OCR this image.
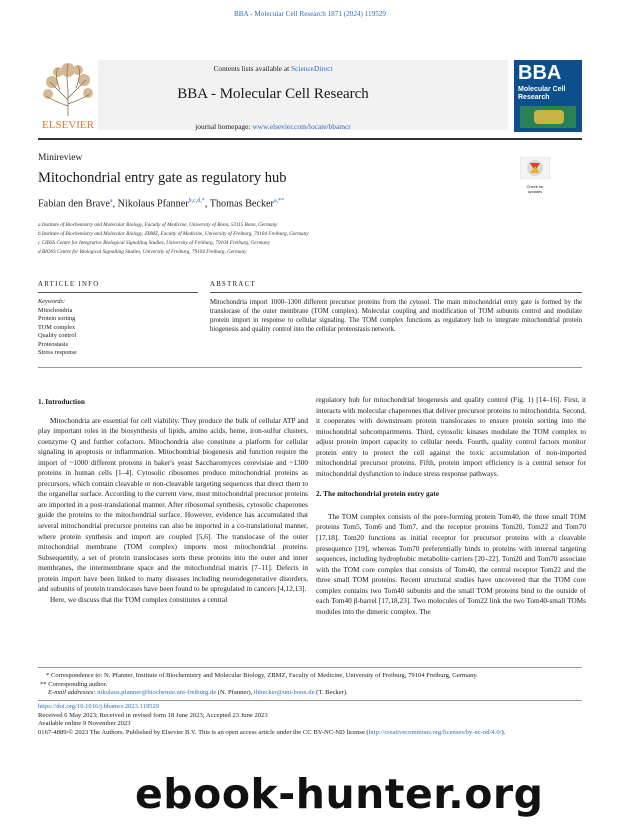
BBA - Molecular Cell Research 1871 (2024) 119529
ELSEVIER
Contents lists available at ScienceDirect
BBA - Molecular Cell Research
journal homepage: www.elsevier.com/locate/bbamcr
BBA
Molecular Cell Research
Minireview
Mitochondrial entry gate as regulatory hub
Check for updates
Fabian den Brave$^a$, Nikolaus Pfanner$^{b,c,d,*}$, Thomas Becker$^{a,**}$
a Institute of Biochemistry and Molecular Biology, Faculty of Medicine, University of Bonn, 53115 Bonn, Germany
b Institute of Biochemistry and Molecular Biology, ZBMZ, Faculty of Medicine, University of Freiburg, 79104 Freiburg, Germany
c CIBSS Centre for Integrative Biological Signalling Studies, University of Freiburg, 79104 Freiburg, Germany
d BIOSS Centre for Biological Signalling Studies, University of Freiburg, 79104 Freiburg, Germany
ARTICLE INFO	ABSTRACT
Keywords:
Mitochondria
Protein sorting
TOM complex
Quality control
Proteostasis
Stress response
Mitochondria import 1000–1300 different precursor proteins from the cytosol. The main mitochondrial entry gate is formed by the translocase of the outer membrane (TOM complex). Molecular coupling and modification of TOM subunits control and modulate protein import in response to cellular signaling. The TOM complex functions as regulatory hub to integrate mitochondrial protein biogenesis and quality control into the cellular proteostasis network.
1. Introduction

Mitochondria are essential for cell viability. They produce the bulk of cellular ATP and play important roles in the biosynthesis of lipids, amino acids, heme, iron-sulfur clusters, coenzyme Q and further cofactors. Mitochondria also constitute a platform for cellular signaling in apoptosis or inflammation. Mitochondrial biogenesis and function require the import of ~1000 different proteins in baker's yeast Saccharomyces cerevisiae and ~1300 proteins in human cells [1–4]. Cytosolic ribosomes produce mitochondrial proteins as precursors, which contain cleavable or non-cleavable targeting sequences that direct them to the organellar surface. According to the current view, most mitochondrial precursor proteins are imported in a post-translational manner. After ribosomal synthesis, cytosolic chaperones guide the proteins to the mitochondrial surface. However, evidence has accumulated that several mitochondrial precursor proteins can also be imported in a co-translational manner, where protein synthesis and import are coupled [5,6]. The translocase of the outer mitochondrial membrane (TOM complex) imports most mitochondrial proteins. Subsequently, a set of protein translocases sorts these proteins into the outer and inner membranes, the intermembrane space and the mitochondrial matrix [7–11]. Defects in protein import have been linked to many diseases including neurodegenerative disorders, and subunits of protein translocases have been found to be upregulated in cancers [4,12,13].

Here, we discuss that the TOM complex constitutes a central

regulatory hub for mitochondrial biogenesis and quality control (Fig. 1) [14–16]. First, it interacts with molecular chaperones that deliver precursor proteins to mitochondria. Second, it cooperates with downstream protein translocases to ensure protein sorting into the mitochondrial subcompartments. Third, cytosolic kinases modulate the TOM complex to adjust protein import capacity to cellular needs. Fourth, quality control factors monitor protein entry to protect the cell against the toxic accumulation of non-imported mitochondrial precursor proteins. Fifth, protein import efficiency is a central sensor for mitochondrial dysfunction to induce stress response pathways.

2. The mitochondrial protein entry gate

The TOM complex consists of the pore-forming protein Tom40, the three small TOM proteins Tom5, Tom6 and Tom7, and the receptor proteins Tom20, Tom22 and Tom70 [17,18]. Tom20 functions as initial receptor for precursor proteins with a cleavable presequence [19], whereas Tom70 preferentially binds to proteins with internal targeting sequences, including hydrophobic metabolite carriers [20–22]. Tom20 and Tom70 associate with the TOM core complex that consists of Tom40, the central receptor Tom22 and the three small TOM proteins. Recent structural studies have uncovered that the TOM core complex contains two Tom40 subunits and the small TOM proteins bind to the outside of each Tom40 β-barrel [17,18,23]. Two molecules of Tom22 link the two Tom40-small TOMs modules into the dimeric complex. The

* Correspondence to: N. Pfanner, Institute of Biochemistry and Molecular Biology, ZBMZ, Faculty of Medicine, University of Freiburg, 79104 Freiburg, Germany.
** Corresponding author.
E-mail addresses: nikolaus.pfanner@biochemie.uni-freiburg.de (N. Pfanner), thbecker@uni-bonn.de (T. Becker).
https://doi.org/10.1016/j.bbamcr.2023.119529
Received 6 May 2023; Received in revised form 18 June 2023; Accepted 23 June 2023
Available online 9 November 2023
0167-4889/© 2023 The Authors. Published by Elsevier B.V. This is an open access article under the CC BY-NC-ND license (http://creativecommons.org/licenses/by-nc-nd/4.0/).
ebook-hunter.org
